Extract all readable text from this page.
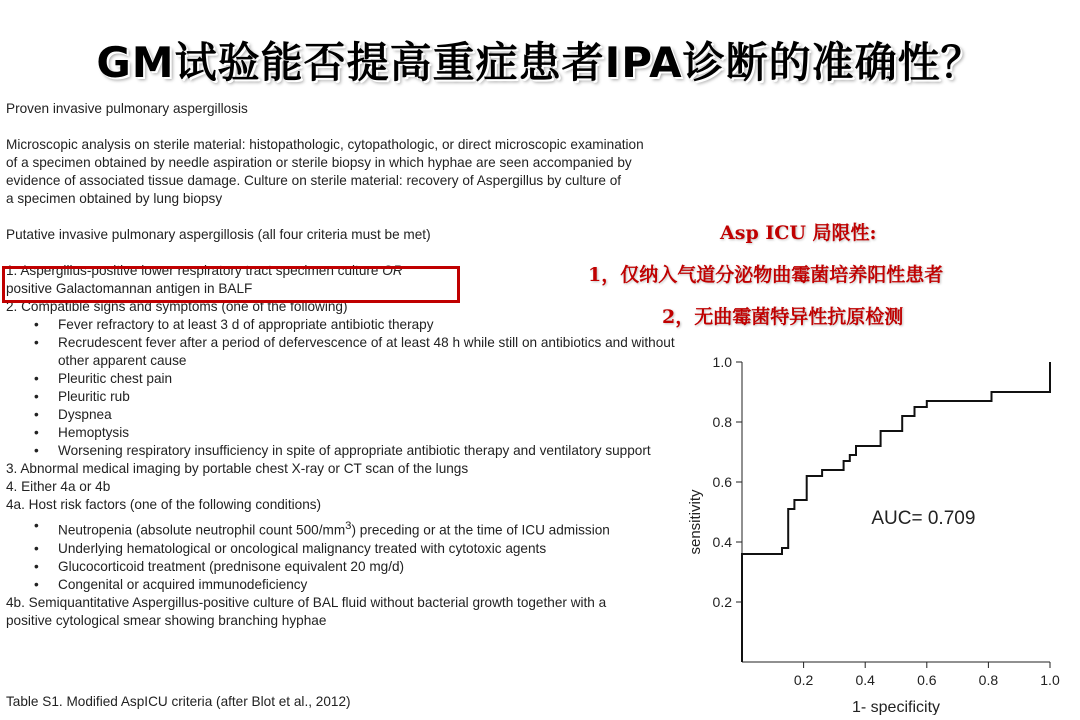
GM试验能否提高重症患者IPA诊断的准确性？

Proven invasive pulmonary aspergillosis

Microscopic analysis on sterile material: histopathologic, cytopathologic, or direct microscopic examination

of a specimen obtained by needle aspiration or sterile biopsy in which hyphae are seen accompanied by

evidence of associated tissue damage. Culture on sterile material: recovery of Aspergillus by culture of

a specimen obtained by lung biopsy

Putative invasive pulmonary aspergillosis (all four criteria must be met)

1. Aspergillus-positive lower respiratory tract specimen culture OR

positive Galactomannan antigen in BALF

2. Compatible signs and symptoms (one of the following)

• Fever refractory to at least 3 d of appropriate antibiotic therapy
• Recrudescent fever after a period of defervescence of at least 48 h while still on antibiotics and without other apparent cause
• Pleuritic chest pain
• Pleuritic rub
• Dyspnea
• Hemoptysis
• Worsening respiratory insufficiency in spite of appropriate antibiotic therapy and ventilatory support

3. Abnormal medical imaging by portable chest X-ray or CT scan of the lungs

4. Either 4a or 4b

4a. Host risk factors (one of the following conditions)

• Neutropenia (absolute neutrophil count $500/mm^3$) preceding or at the time of ICU admission
• Underlying hematological or oncological malignancy treated with cytotoxic agents
• Glucocorticoid treatment (prednisone equivalent 20 mg/d)
• Congenital or acquired immunodeficiency

4b. Semiquantitative Aspergillus-positive culture of BAL fluid without bacterial growth together with a

positive cytological smear showing branching hyphae

Table S1. Modified AspICU criteria (after Blot et al., 2012)
Asp ICU 局限性:
1，仅纳入气道分泌物曲霉菌培养阳性患者
2，无曲霉菌特异性抗原检测
0.2	0.4	0.6	0.8	1.0
0.2
0.4
0.6
0.8
1.0
AUC= 0.709
1- specificity
sensitivity
